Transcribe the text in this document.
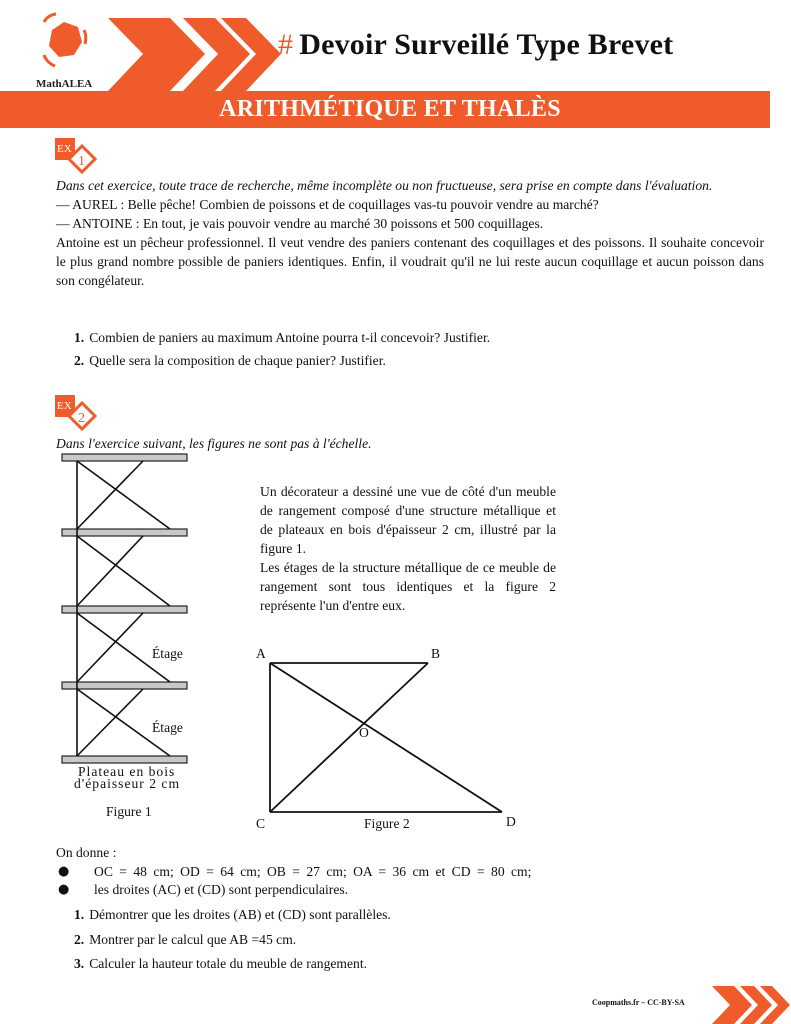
MathALEA
# Devoir Surveillé Type Brevet
ARITHMÉTIQUE ET THALÈS
EX
1

Dans cet exercice, toute trace de recherche, même incomplète ou non fructueuse, sera prise en compte dans l'évaluation.

— AUREL : Belle pêche! Combien de poissons et de coquillages vas-tu pouvoir vendre au marché?

— ANTOINE : En tout, je vais pouvoir vendre au marché 30 poissons et 500 coquillages.

Antoine est un pêcheur professionnel. Il veut vendre des paniers contenant des coquillages et des poissons. Il souhaite concevoir le plus grand nombre possible de paniers identiques. Enfin, il voudrait qu'il ne lui reste aucun coquillage et aucun poisson dans son congélateur.

1. Combien de paniers au maximum Antoine pourra t-il concevoir? Justifier.
2. Quelle sera la composition de chaque panier? Justifier.
EX
2
Dans l'exercice suivant, les figures ne sont pas à l'échelle.
Étage
Étage
Plateau en bois
d'épaisseur 2 cm
Figure 1

Un décorateur a dessiné une vue de côté d'un meuble de rangement composé d'une structure métallique et de plateaux en bois d'épaisseur 2 cm, illustré par la figure 1.

Les étages de la structure métallique de ce meuble de rangement sont tous identiques et la figure 2 représente l'un d'entre eux.

A	B
O
C	D
Figure 2
On donne :
● OC = 48 cm; OD = 64 cm; OB = 27 cm; OA = 36 cm et CD = 80 cm;
● les droites (AC) et (CD) sont perpendiculaires.
1. Démontrer que les droites (AB) et (CD) sont parallèles.
2. Montrer par le calcul que AB =45 cm.
3. Calculer la hauteur totale du meuble de rangement.
Coopmaths.fr – CC-BY-SA
